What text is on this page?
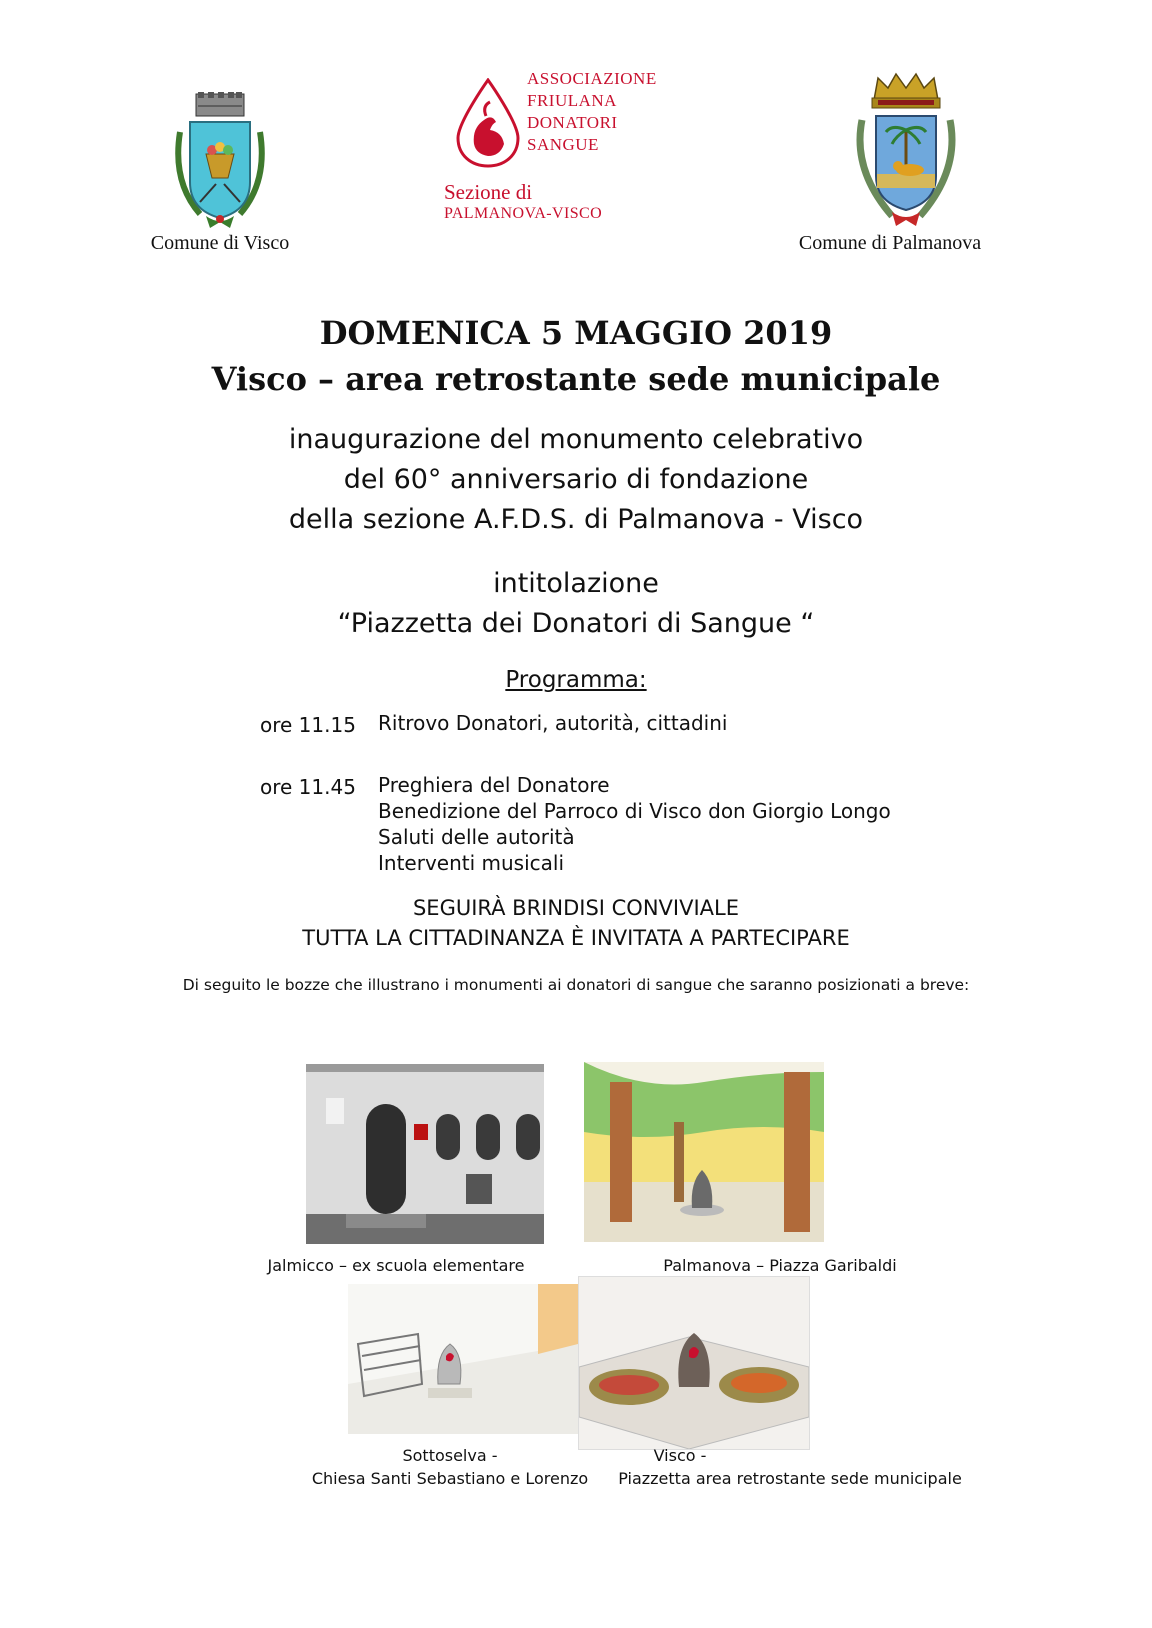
Comune di Visco
ASSOCIAZIONE
FRIULANA
DONATORI
SANGUE
Sezione di
PALMANOVA-VISCO
Comune di Palmanova
DOMENICA 5 MAGGIO 2019
Visco – area retrostante sede municipale
inaugurazione del monumento celebrativo
del 60° anniversario di fondazione
della sezione A.F.D.S. di Palmanova - Visco
intitolazione
“Piazzetta dei Donatori di Sangue “
Programma:
ore 11.15 Ritrovo Donatori, autorità, cittadini
ore 11.45 Preghiera del Donatore
Benedizione del Parroco di Visco don Giorgio Longo
Saluti delle autorità
Interventi musicali
SEGUIRÀ BRINDISI CONVIVIALE
TUTTA LA CITTADINANZA È INVITATA A PARTECIPARE
Di seguito le bozze che illustrano i monumenti ai donatori di sangue che saranno posizionati a breve:
Jalmicco – ex scuola elementare	Palmanova – Piazza Garibaldi
Sottoselva -
Chiesa Santi Sebastiano e Lorenzo
Visco -
Piazzetta area retrostante sede municipale
